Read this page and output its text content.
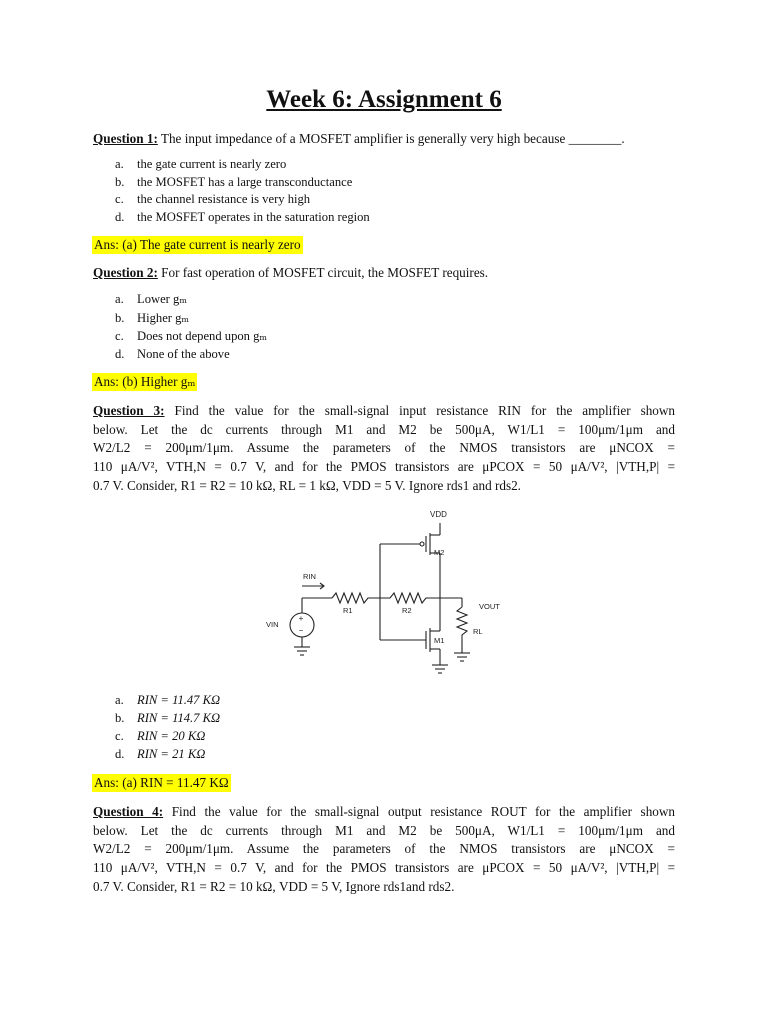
Week 6: Assignment 6
Question 1: The input impedance of a MOSFET amplifier is generally very high because ________.
a. the gate current is nearly zero
b. the MOSFET has a large transconductance
c. the channel resistance is very high
d. the MOSFET operates in the saturation region
Ans: (a) The gate current is nearly zero
Question 2: For fast operation of MOSFET circuit, the MOSFET requires.
a. Lower gₘ
b. Higher gₘ
c. Does not depend upon gₘ
d. None of the above
Ans: (b) Higher gₘ
Question 3: Find the value for the small-signal input resistance RIN for the amplifier shown
below. Let the dc currents through M1 and M2 be 500μA, W1/L1 = 100μm/1μm and
W2/L2 = 200μm/1μm. Assume the parameters of the NMOS transistors are μNCOX =
110 μA/V², VTH,N = 0.7 V, and for the PMOS transistors are μPCOX = 50 μA/V², |VTH,P| =
0.7 V. Consider, R1 = R2 = 10 kΩ, RL = 1 kΩ, VDD = 5 V. Ignore rds1 and rds2.
+
−
VDD
M2
RIN
R1	R2	VOUT
RL
VIN
M1
a. RIN = 11.47 KΩ
b. RIN = 114.7 KΩ
c. RIN = 20 KΩ
d. RIN = 21 KΩ
Ans: (a) RIN = 11.47 KΩ
Question 4: Find the value for the small-signal output resistance ROUT for the amplifier shown
below. Let the dc currents through M1 and M2 be 500μA, W1/L1 = 100μm/1μm and
W2/L2 = 200μm/1μm. Assume the parameters of the NMOS transistors are μNCOX =
110 μA/V², VTH,N = 0.7 V, and for the PMOS transistors are μPCOX = 50 μA/V², |VTH,P| =
0.7 V. Consider, R1 = R2 = 10 kΩ, VDD = 5 V, Ignore rds1and rds2.
